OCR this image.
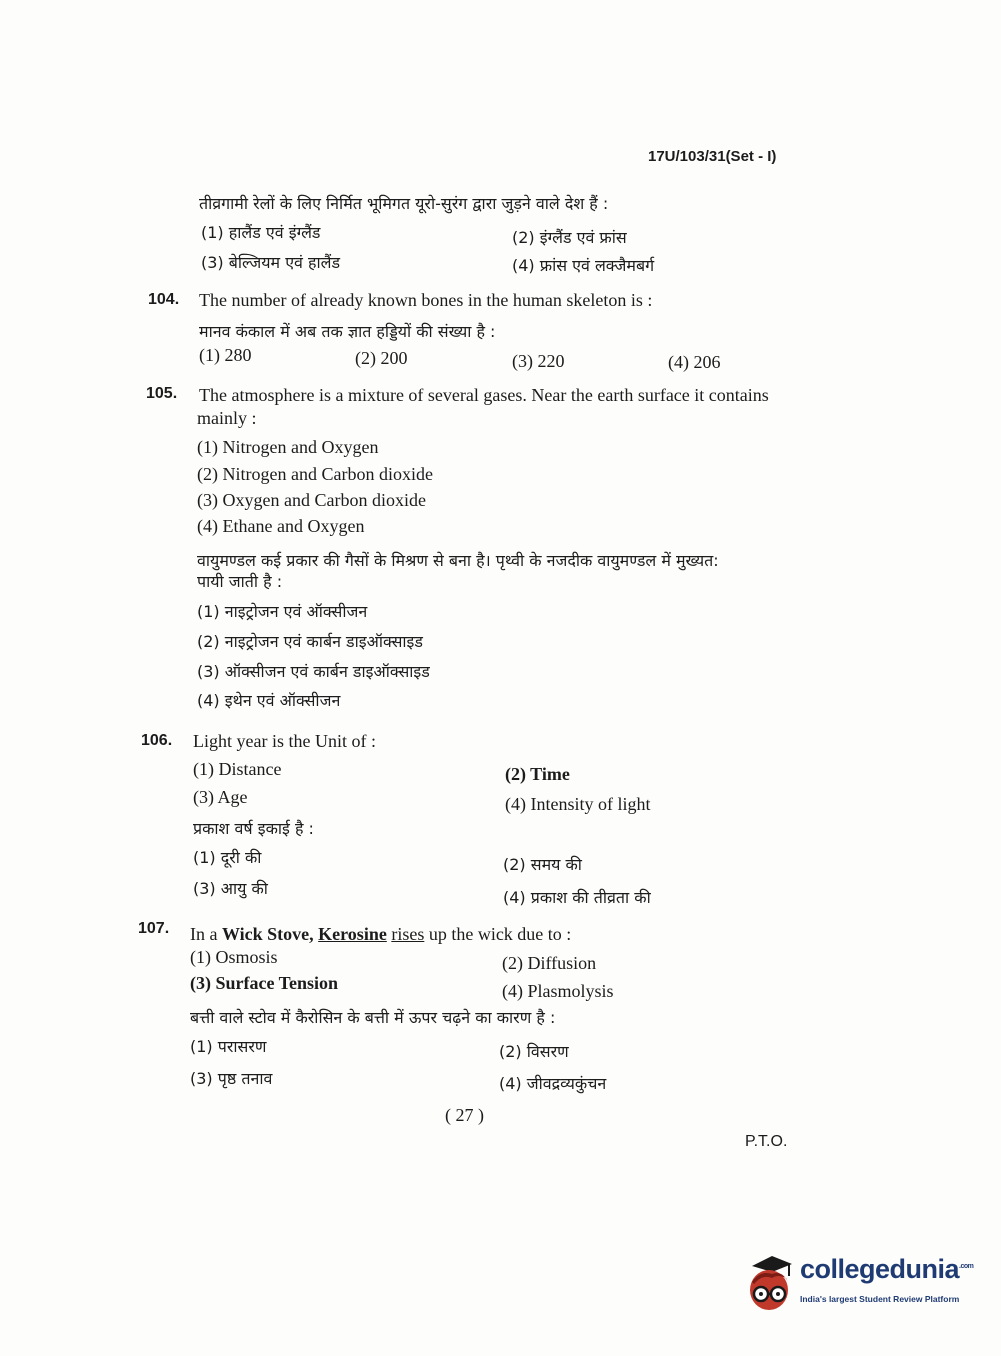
17U/103/31(Set - I)
तीव्रगामी रेलों के लिए निर्मित भूमिगत यूरो-सुरंग द्वारा जुड़ने वाले देश हैं :
(1) हालैंड एवं इंग्लैंड	(2) इंग्लैंड एवं फ्रांस
(3) बेल्जियम एवं हालैंड	(4) फ्रांस एवं लक्जैमबर्ग
104. The number of already known bones in the human skeleton is :
मानव कंकाल में अब तक ज्ञात हड्डियों की संख्या है :
(1) 280	(2) 200	(3) 220	(4) 206
105. The atmosphere is a mixture of several gases. Near the earth surface it contains
mainly :
(1) Nitrogen and Oxygen
(2) Nitrogen and Carbon dioxide
(3) Oxygen and Carbon dioxide
(4) Ethane and Oxygen
वायुमण्डल कई प्रकार की गैसों के मिश्रण से बना है। पृथ्वी के नजदीक वायुमण्डल में मुख्यत:
पायी जाती है :
(1) नाइट्रोजन एवं ऑक्सीजन
(2) नाइट्रोजन एवं कार्बन डाइऑक्साइड
(3) ऑक्सीजन एवं कार्बन डाइऑक्साइड
(4) इथेन एवं ऑक्सीजन
106. Light year is the Unit of :
(1) Distance	(2) Time
(3) Age	(4) Intensity of light
प्रकाश वर्ष इकाई है :
(1) दूरी की	(2) समय की
(3) आयु की	(4) प्रकाश की तीव्रता की
107. In a Wick Stove, Kerosine rises up the wick due to :
(1) Osmosis	(2) Diffusion
(3) Surface Tension	(4) Plasmolysis
बत्ती वाले स्टोव में कैरोसिन के बत्ती में ऊपर चढ़ने का कारण है :
(1) परासरण	(2) विसरण
(3) पृष्ठ तनाव	(4) जीवद्रव्यकुंचन
( 27 )
P.T.O.
collegedunia$^{.com}$
India's largest Student Review Platform
